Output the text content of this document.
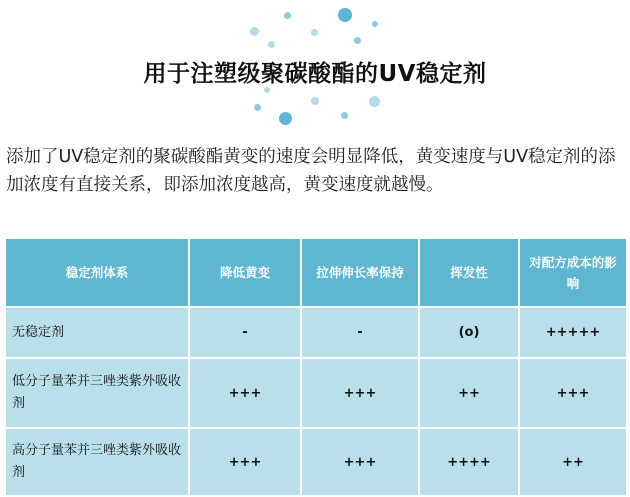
用于注塑级聚碳酸酯的UV稳定剂
添加了UV稳定剂的聚碳酸酯黄变的速度会明显降低，黄变速度与UV稳定剂的添加浓度有直接关系，即添加浓度越高，黄变速度就越慢。
稳定剂体系	降低黄变	拉伸伸长率保持	挥发性	对配方成本的影响
无稳定剂	-	-	(o)	+++++
低分子量苯并三唑类紫外吸收剂	+++	+++	++	+++
高分子量苯并三唑类紫外吸收剂	+++	+++	++++	++
